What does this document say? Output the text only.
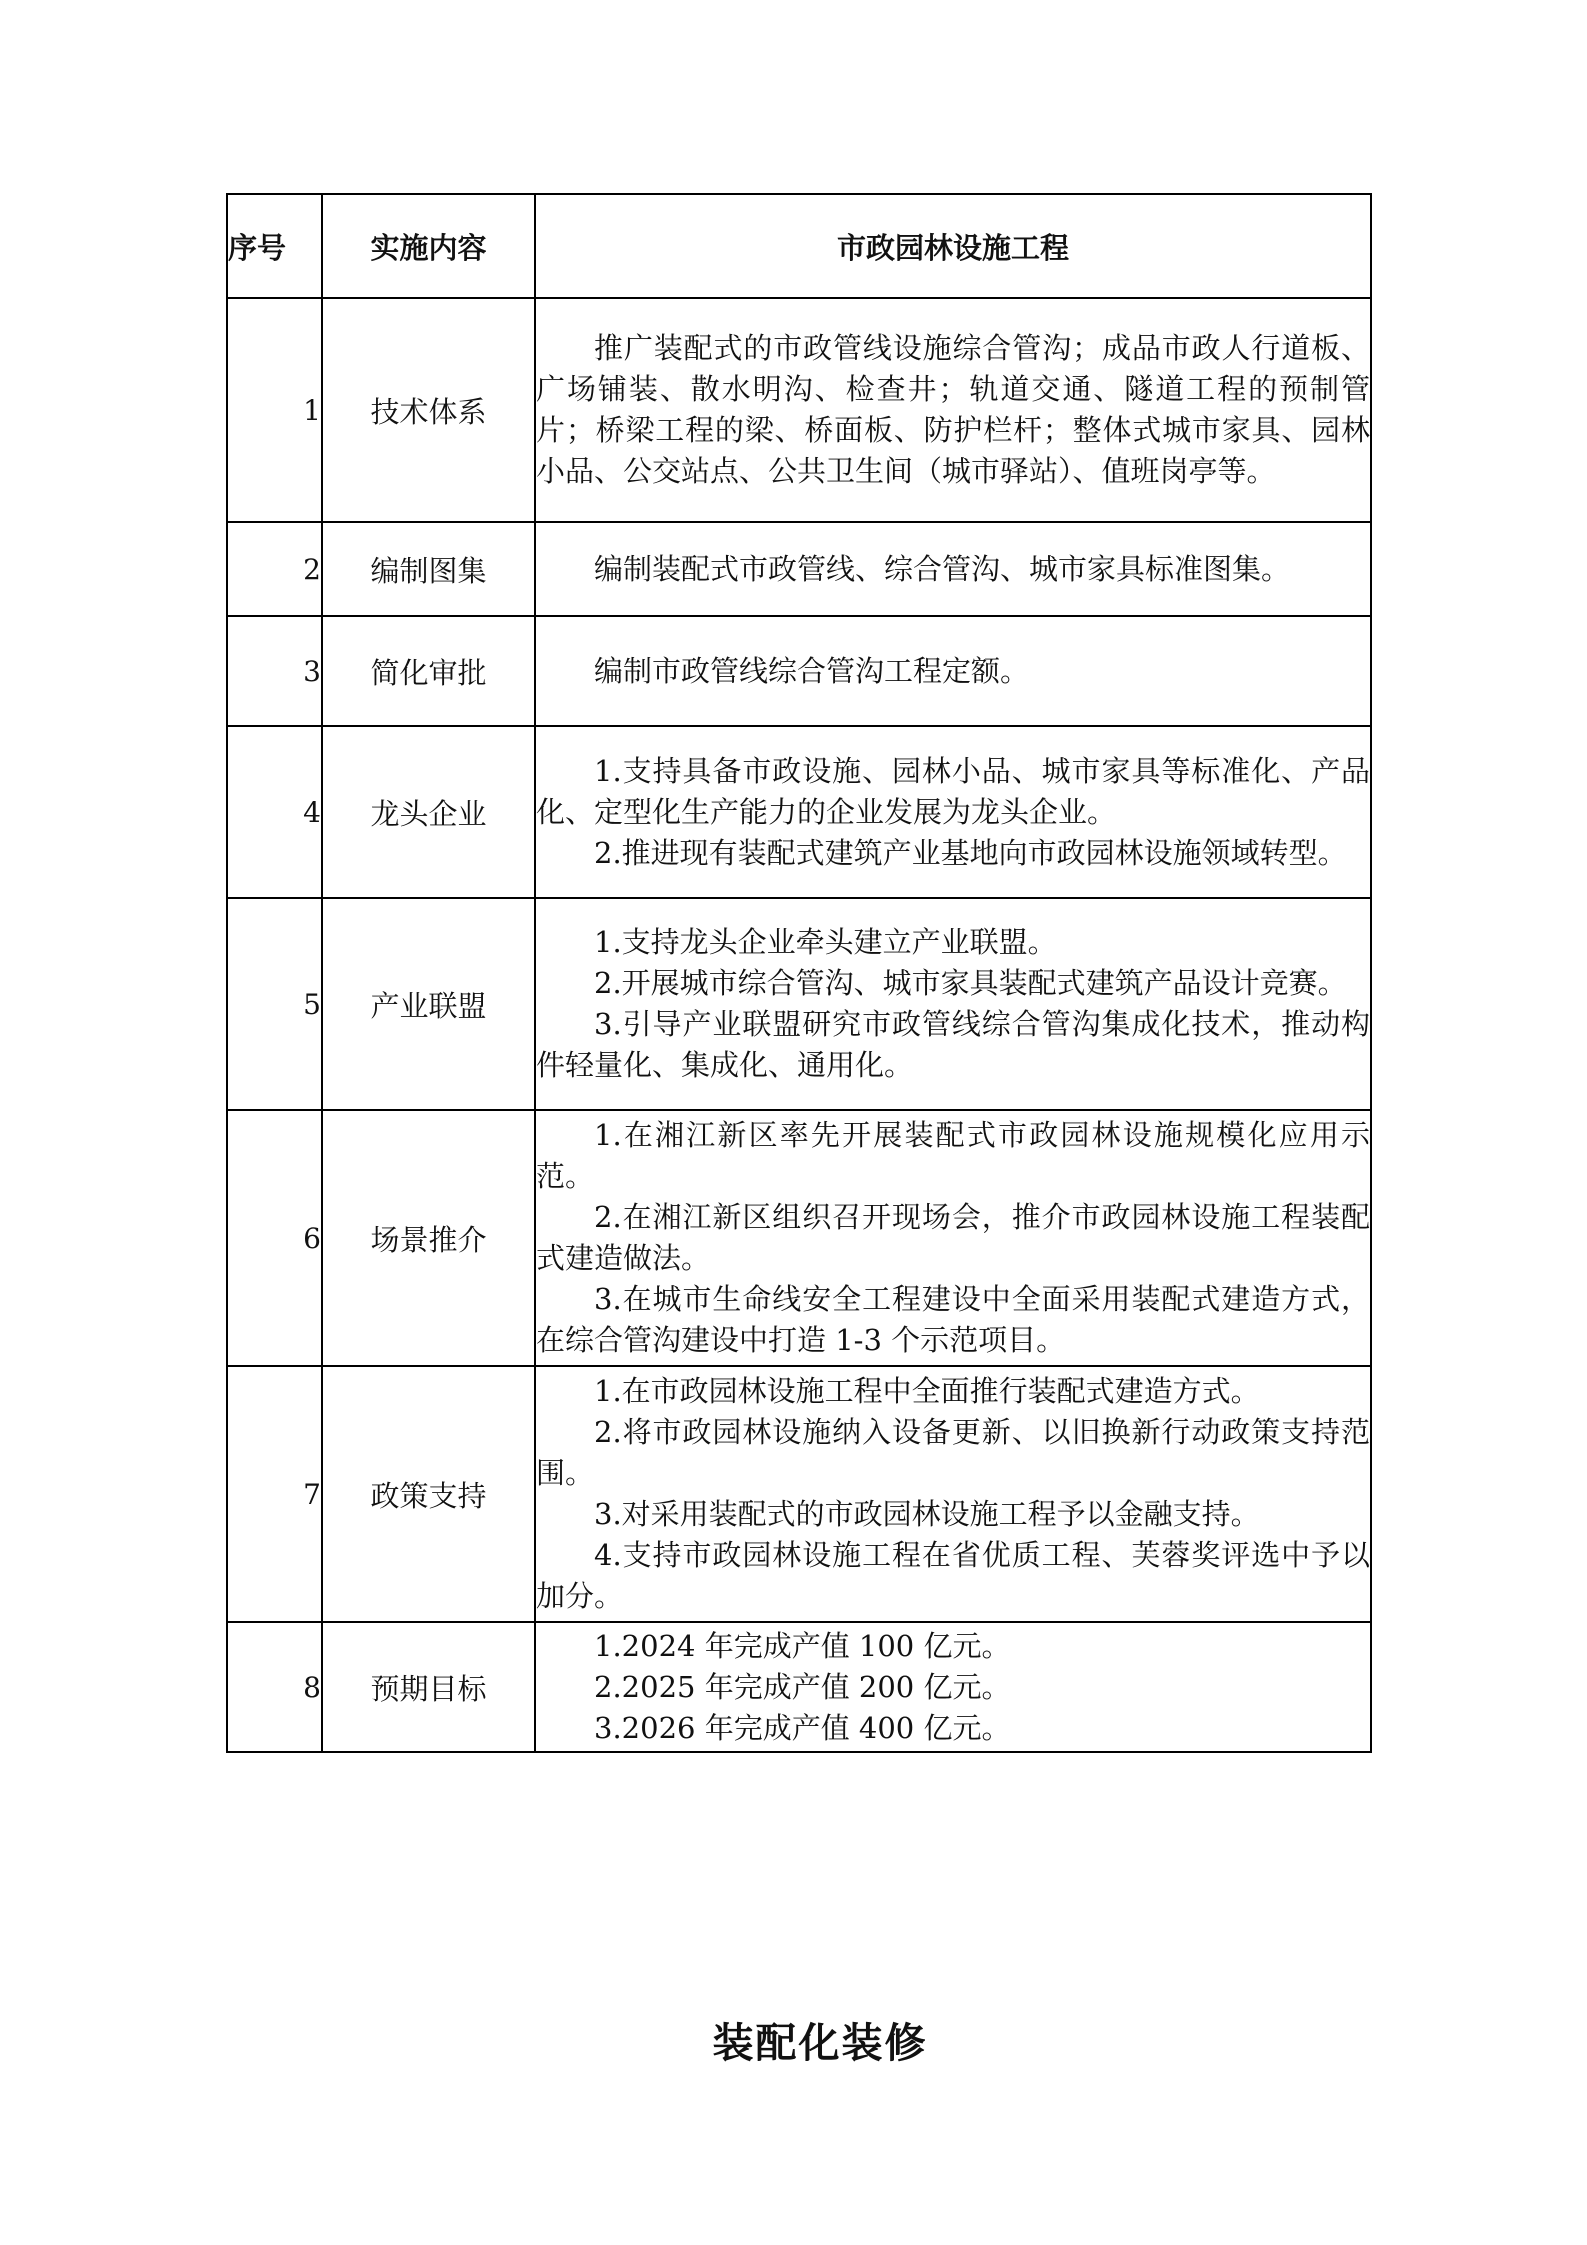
序号	实施内容	市政园林设施工程
1	技术体系	推广装配式的市政管线设施综合管沟；成品市政人行道板、广场铺装、散水明沟、检查井；轨道交通、隧道工程的预制管片；桥梁工程的梁、桥面板、防护栏杆；整体式城市家具、园林小品、公交站点、公共卫生间（城市驿站）、值班岗亭等。

2	编制图集	编制装配式市政管线、综合管沟、城市家具标准图集。

3	简化审批	编制市政管线综合管沟工程定额。

4	龙头企业	1.支持具备市政设施、园林小品、城市家具等标准化、产品化、定型化生产能力的企业发展为龙头企业。

2.推进现有装配式建筑产业基地向市政园林设施领域转型。

5	产业联盟	1.支持龙头企业牵头建立产业联盟。

2.开展城市综合管沟、城市家具装配式建筑产品设计竞赛。

3.引导产业联盟研究市政管线综合管沟集成化技术，推动构件轻量化、集成化、通用化。

6	场景推介	1.在湘江新区率先开展装配式市政园林设施规模化应用示范。

2.在湘江新区组织召开现场会，推介市政园林设施工程装配式建造做法。

3.在城市生命线安全工程建设中全面采用装配式建造方式，在综合管沟建设中打造 1-3 个示范项目。

7	政策支持	1.在市政园林设施工程中全面推行装配式建造方式。

2.将市政园林设施纳入设备更新、以旧换新行动政策支持范围。

3.对采用装配式的市政园林设施工程予以金融支持。

4.支持市政园林设施工程在省优质工程、芙蓉奖评选中予以加分。

8	预期目标	1.2024 年完成产值 100 亿元。

2.2025 年完成产值 200 亿元。

3.2026 年完成产值 400 亿元。

装配化装修
